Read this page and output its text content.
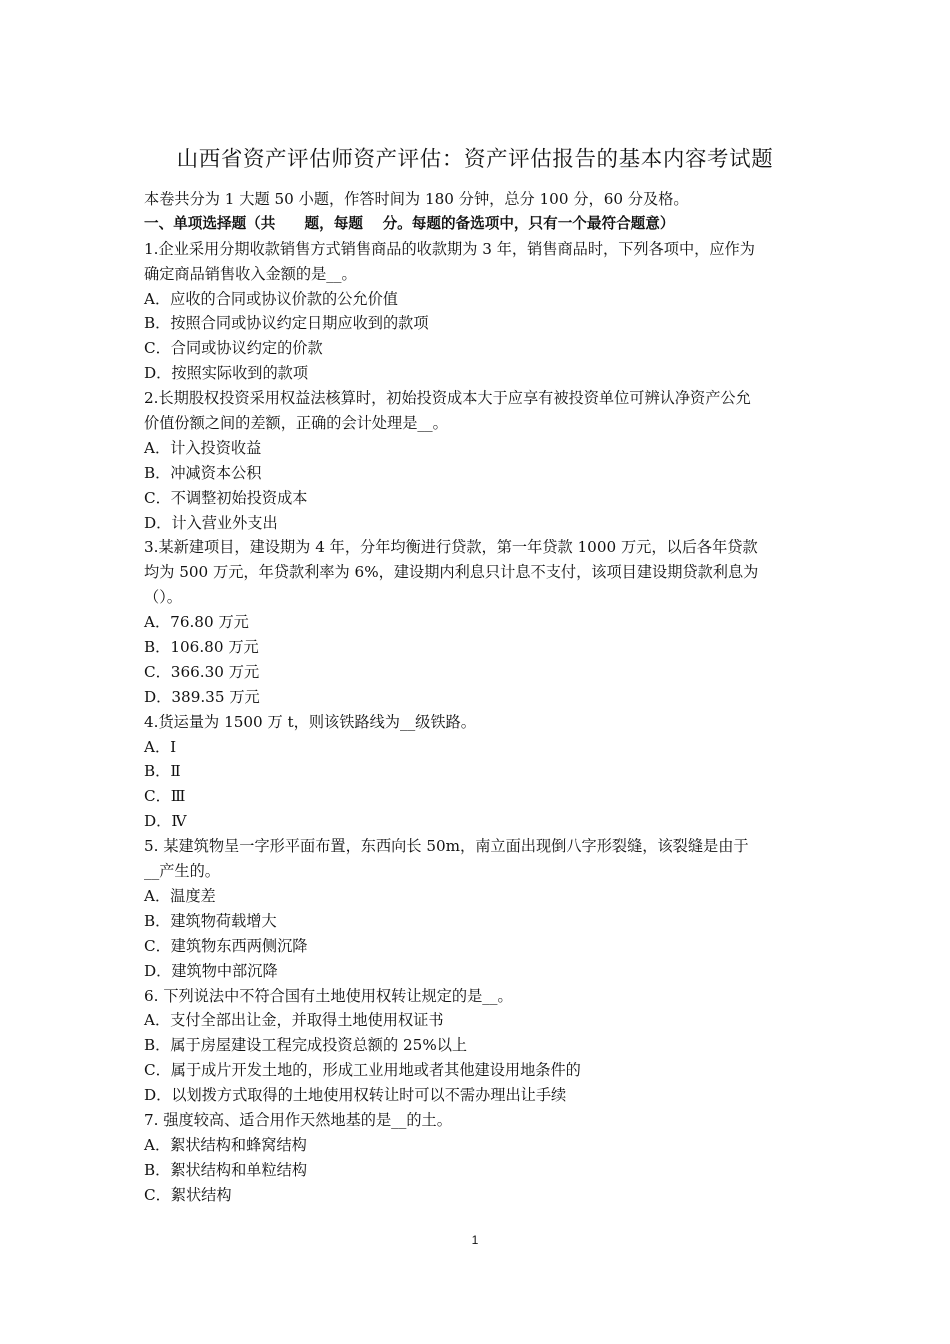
山西省资产评估师资产评估：资产评估报告的基本内容考试题
本卷共分为 1 大题 50 小题，作答时间为 180 分钟，总分 100 分，60 分及格。
一、单项选择题（共　　题，每题　 分。每题的备选项中，只有一个最符合题意）
1.企业采用分期收款销售方式销售商品的收款期为 3 年，销售商品时，下列各项中，应作为
确定商品销售收入金额的是__。
A．应收的合同或协议价款的公允价值
B．按照合同或协议约定日期应收到的款项
C．合同或协议约定的价款
D．按照实际收到的款项
2.长期股权投资采用权益法核算时，初始投资成本大于应享有被投资单位可辨认净资产公允
价值份额之间的差额，正确的会计处理是__。
A．计入投资收益
B．冲减资本公积
C．不调整初始投资成本
D．计入营业外支出
3.某新建项目，建设期为 4 年，分年均衡进行贷款，第一年贷款 1000 万元，以后各年贷款
均为 500 万元，年贷款利率为 6%，建设期内利息只计息不支付，该项目建设期贷款利息为
（）。
A．76.80 万元
B．106.80 万元
C．366.30 万元
D．389.35 万元
4.货运量为 1500 万 t，则该铁路线为__级铁路。
A．Ⅰ
B．Ⅱ
C．Ⅲ
D．Ⅳ
5. 某建筑物呈一字形平面布置，东西向长 50m，南立面出现倒八字形裂缝，该裂缝是由于
__产生的。
A．温度差
B．建筑物荷载增大
C．建筑物东西两侧沉降
D．建筑物中部沉降
6. 下列说法中不符合国有土地使用权转让规定的是__。
A．支付全部出让金，并取得土地使用权证书
B．属于房屋建设工程完成投资总额的 25%以上
C．属于成片开发土地的，形成工业用地或者其他建设用地条件的
D．以划拨方式取得的土地使用权转让时可以不需办理出让手续
7. 强度较高、适合用作天然地基的是__的土。
A．絮状结构和蜂窝结构
B．絮状结构和单粒结构
C．絮状结构
1
